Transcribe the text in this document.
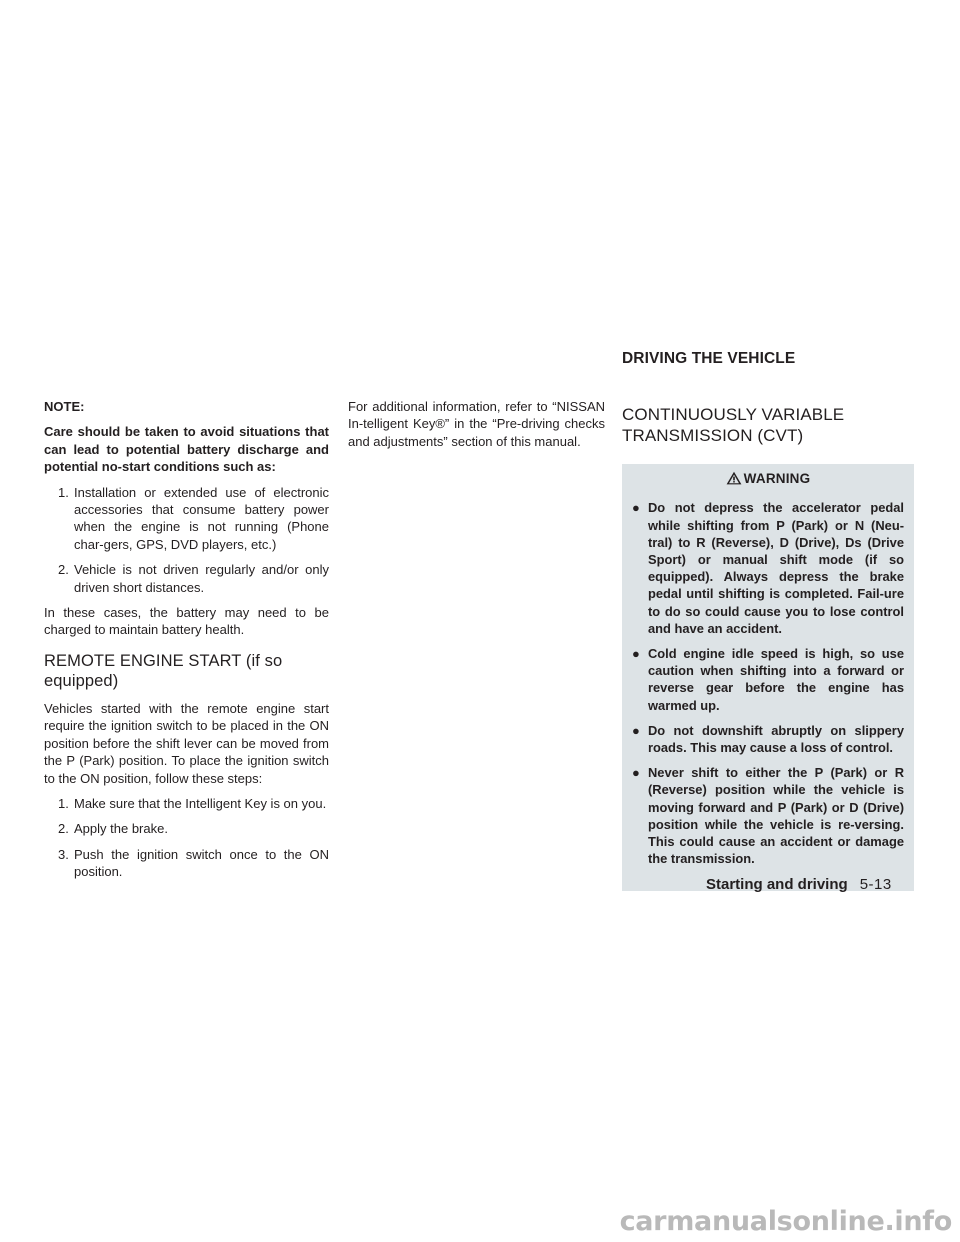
DRIVING THE VEHICLE

NOTE:

Care should be taken to avoid situations that can lead to potential battery discharge and potential no-start conditions such as:

1. Installation or extended use of electronic accessories that consume battery power when the engine is not running (Phone char-gers, GPS, DVD players, etc.)
2. Vehicle is not driven regularly and/or only driven short distances.

In these cases, the battery may need to be charged to maintain battery health.

REMOTE ENGINE START (if so equipped)

Vehicles started with the remote engine start require the ignition switch to be placed in the ON position before the shift lever can be moved from the P (Park) position. To place the ignition switch to the ON position, follow these steps:

1. Make sure that the Intelligent Key is on you.
2. Apply the brake.
3. Push the ignition switch once to the ON position.

For additional information, refer to “NISSAN In-telligent Key®” in the “Pre-driving checks and adjustments” section of this manual.

CONTINUOUSLY VARIABLE TRANSMISSION (CVT)
WARNING
● Do not depress the accelerator pedal while shifting from P (Park) or N (Neu-tral) to R (Reverse), D (Drive), Ds (Drive Sport) or manual shift mode (if so equipped). Always depress the brake pedal until shifting is completed. Fail-ure to do so could cause you to lose control and have an accident.
● Cold engine idle speed is high, so use caution when shifting into a forward or reverse gear before the engine has warmed up.
● Do not downshift abruptly on slippery roads. This may cause a loss of control.
● Never shift to either the P (Park) or R (Reverse) position while the vehicle is moving forward and P (Park) or D (Drive) position while the vehicle is re-versing. This could cause an accident or damage the transmission.
Starting and driving 5-13
carmanualsonline.info
